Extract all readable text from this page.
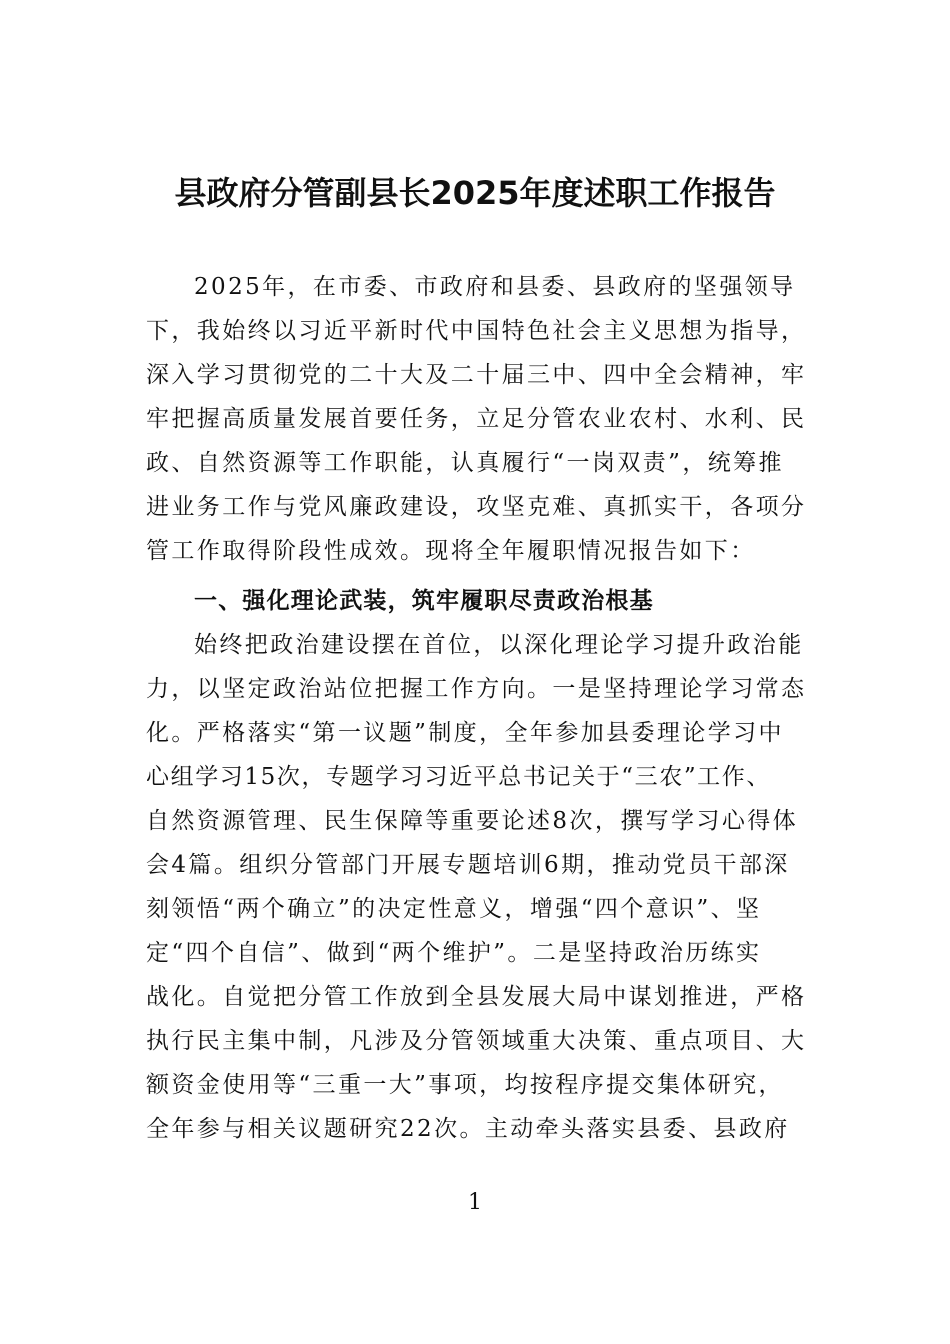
县政府分管副县长2025年度述职工作报告
2025年，在市委、市政府和县委、县政府的坚强领导
下，我始终以习近平新时代中国特色社会主义思想为指导，
深入学习贯彻党的二十大及二十届三中、四中全会精神，牢
牢把握高质量发展首要任务，立足分管农业农村、水利、民
政、自然资源等工作职能，认真履行“一岗双责”，统筹推
进业务工作与党风廉政建设，攻坚克难、真抓实干，各项分
管工作取得阶段性成效。现将全年履职情况报告如下：
一、强化理论武装，筑牢履职尽责政治根基
始终把政治建设摆在首位，以深化理论学习提升政治能
力，以坚定政治站位把握工作方向。一是坚持理论学习常态
化。严格落实“第一议题”制度，全年参加县委理论学习中
心组学习15次，专题学习习近平总书记关于“三农”工作、
自然资源管理、民生保障等重要论述8次，撰写学习心得体
会4篇。组织分管部门开展专题培训6期，推动党员干部深
刻领悟“两个确立”的决定性意义，增强“四个意识”、坚
定“四个自信”、做到“两个维护”。二是坚持政治历练实
战化。自觉把分管工作放到全县发展大局中谋划推进，严格
执行民主集中制，凡涉及分管领域重大决策、重点项目、大
额资金使用等“三重一大”事项，均按程序提交集体研究，
全年参与相关议题研究22次。主动牵头落实县委、县政府
1
